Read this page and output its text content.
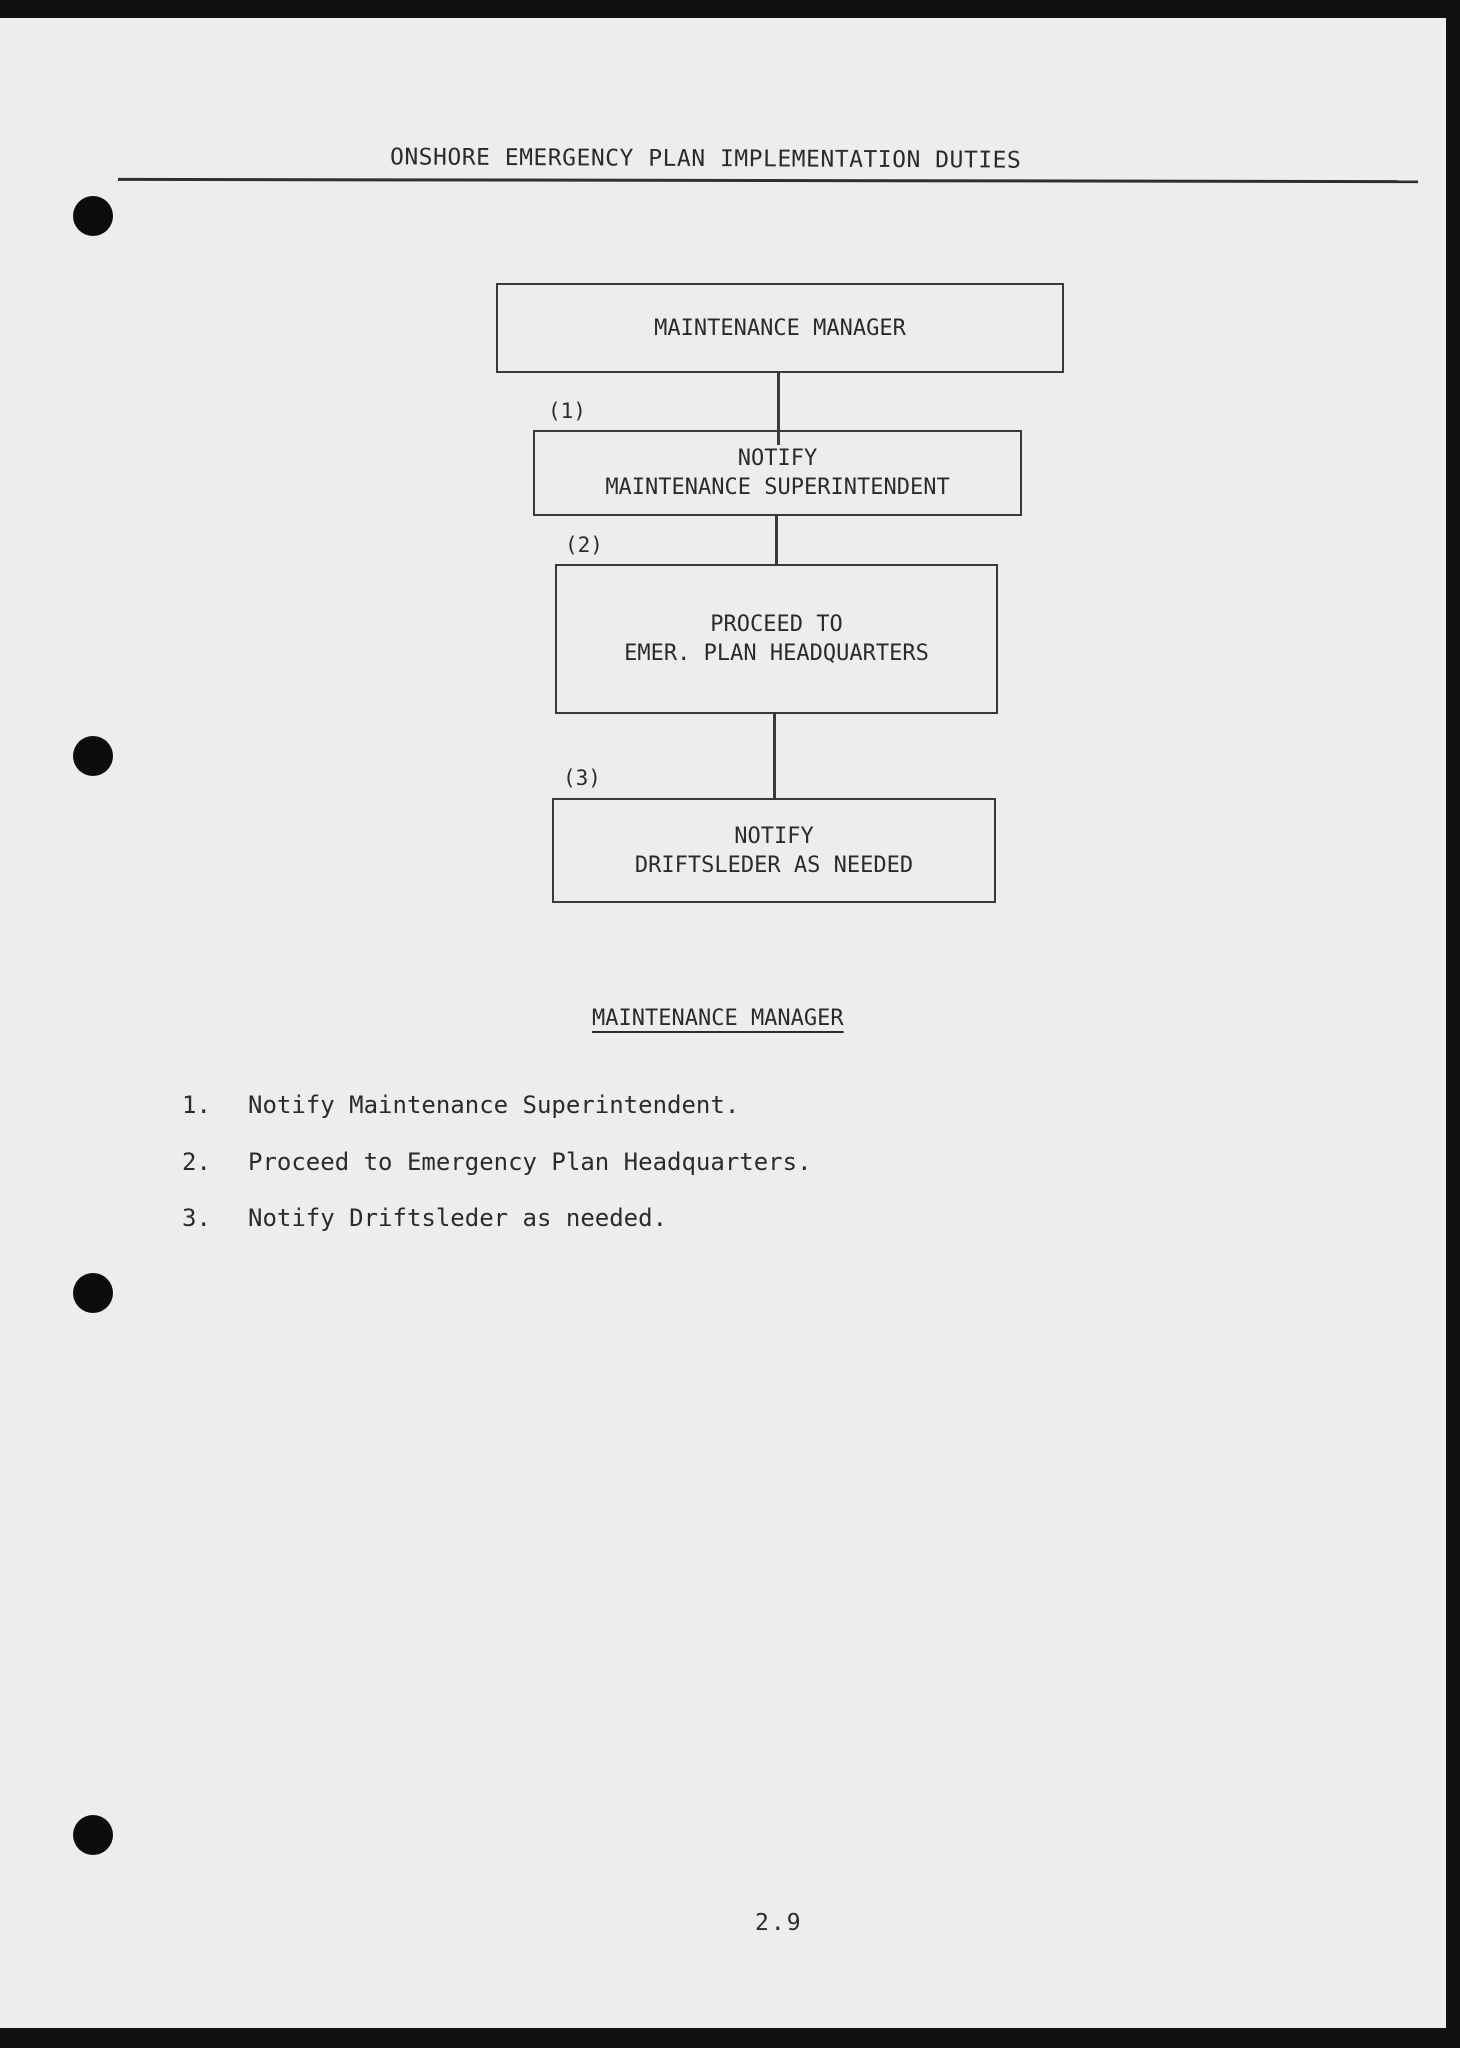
ONSHORE EMERGENCY PLAN IMPLEMENTATION DUTIES
MAINTENANCE MANAGER
(1)
NOTIFY
MAINTENANCE SUPERINTENDENT
(2)
PROCEED TO
EMER. PLAN HEADQUARTERS
(3)
NOTIFY
DRIFTSLEDER AS NEEDED
MAINTENANCE MANAGER
1. Notify Maintenance Superintendent.
2. Proceed to Emergency Plan Headquarters.
3. Notify Driftsleder as needed.
2.9
